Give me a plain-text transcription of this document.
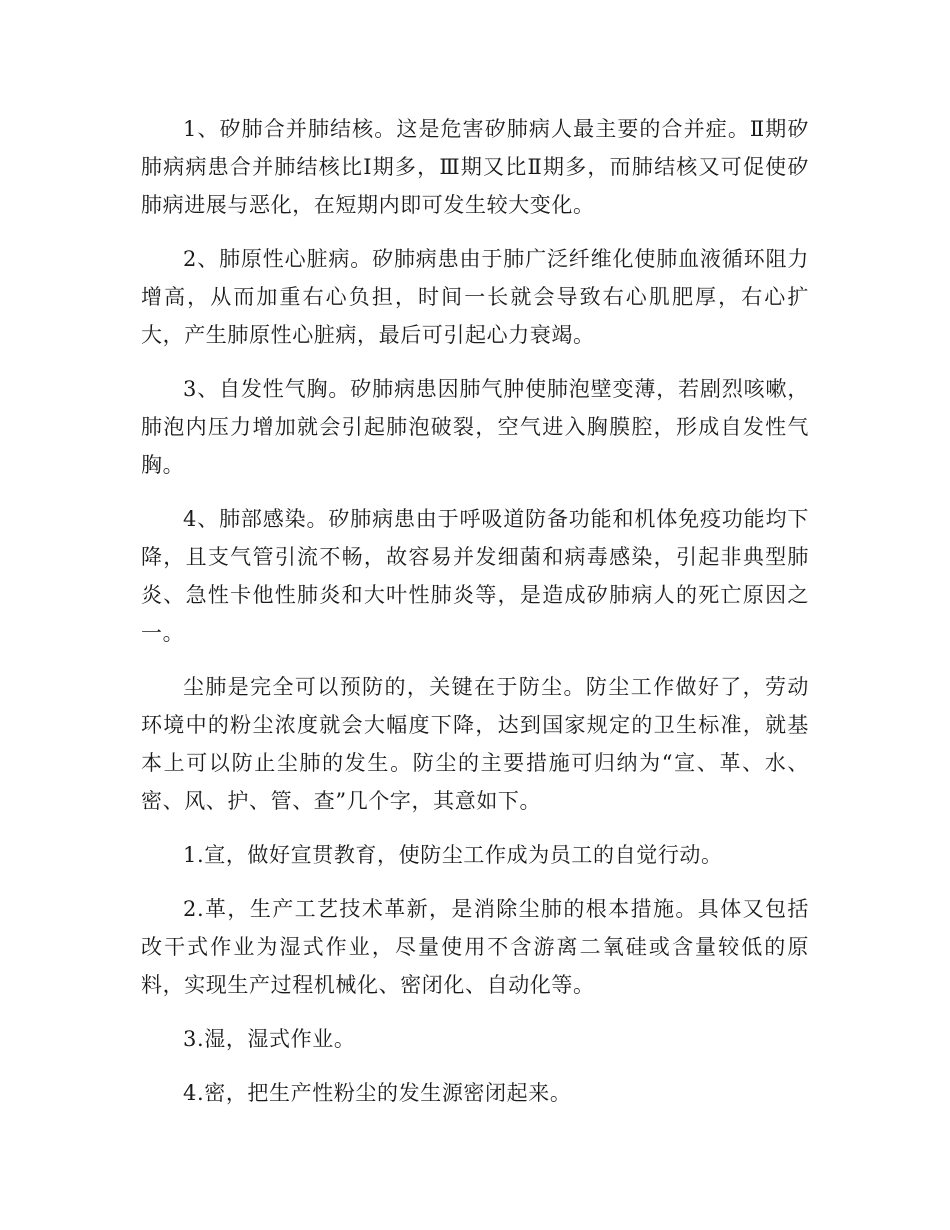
1、矽肺合并肺结核。这是危害矽肺病人最主要的合并症。Ⅱ期矽肺病病患合并肺结核比Ⅰ期多，Ⅲ期又比Ⅱ期多，而肺结核又可促使矽肺病进展与恶化，在短期内即可发生较大变化。

2、肺原性心脏病。矽肺病患由于肺广泛纤维化使肺血液循环阻力增高，从而加重右心负担，时间一长就会导致右心肌肥厚，右心扩大，产生肺原性心脏病，最后可引起心力衰竭。

3、自发性气胸。矽肺病患因肺气肿使肺泡壁变薄，若剧烈咳嗽，肺泡内压力增加就会引起肺泡破裂，空气进入胸膜腔，形成自发性气胸。

4、肺部感染。矽肺病患由于呼吸道防备功能和机体免疫功能均下降，且支气管引流不畅，故容易并发细菌和病毒感染，引起非典型肺炎、急性卡他性肺炎和大叶性肺炎等，是造成矽肺病人的死亡原因之一。

尘肺是完全可以预防的，关键在于防尘。防尘工作做好了，劳动环境中的粉尘浓度就会大幅度下降，达到国家规定的卫生标准，就基本上可以防止尘肺的发生。防尘的主要措施可归纳为“宣、革、水、密、风、护、管、查”几个字，其意如下。

1.宣，做好宣贯教育，使防尘工作成为员工的自觉行动。

2.革，生产工艺技术革新，是消除尘肺的根本措施。具体又包括改干式作业为湿式作业，尽量使用不含游离二氧硅或含量较低的原料，实现生产过程机械化、密闭化、自动化等。

3.湿，湿式作业。

4.密，把生产性粉尘的发生源密闭起来。
